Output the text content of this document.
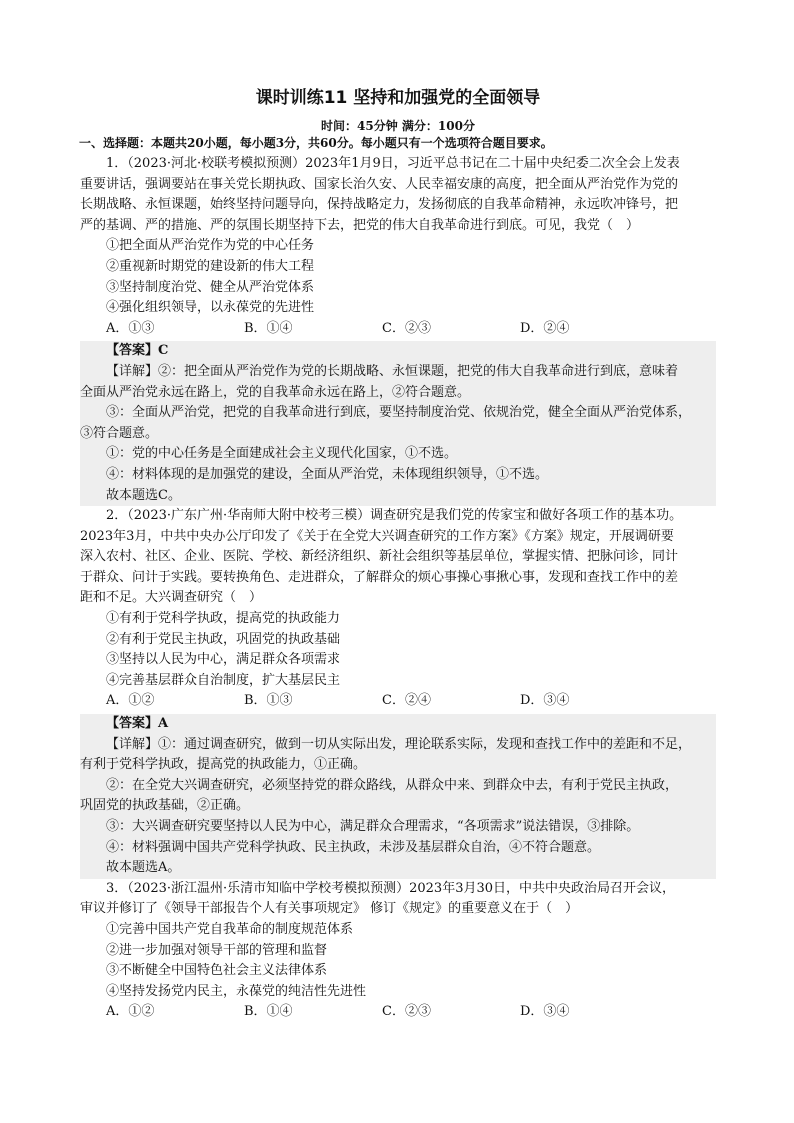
课时训练11 坚持和加强党的全面领导

时间：45分钟 满分：100分

一、选择题：本题共20小题，每小题3分，共60分。每小题只有一个选项符合题目要求。

1．（2023·河北·校联考模拟预测）2023年1月9日，习近平总书记在二十届中央纪委二次全会上发表

重要讲话，强调要站在事关党长期执政、国家长治久安、人民幸福安康的高度，把全面从严治党作为党的

长期战略、永恒课题，始终坚持问题导向，保持战略定力，发扬彻底的自我革命精神，永远吹冲锋号，把

严的基调、严的措施、严的氛围长期坚持下去，把党的伟大自我革命进行到底。可见，我党（　）

①把全面从严治党作为党的中心任务

②重视新时期党的建设新的伟大工程

③坚持制度治党、健全从严治党体系

④强化组织领导，以永葆党的先进性

A．①③	B．①④	C．②③	D．②④

【答案】C

【详解】②：把全面从严治党作为党的长期战略、永恒课题，把党的伟大自我革命进行到底，意味着

全面从严治党永远在路上，党的自我革命永远在路上，②符合题意。

③：全面从严治党，把党的自我革命进行到底，要坚持制度治党、依规治党，健全全面从严治党体系，

③符合题意。

①：党的中心任务是全面建成社会主义现代化国家，①不选。

④：材料体现的是加强党的建设，全面从严治党，未体现组织领导，①不选。

故本题选C。

2．（2023·广东广州·华南师大附中校考三模）调查研究是我们党的传家宝和做好各项工作的基本功。

2023年3月，中共中央办公厅印发了《关于在全党大兴调查研究的工作方案》《方案》规定，开展调研要

深入农村、社区、企业、医院、学校、新经济组织、新社会组织等基层单位，掌握实情、把脉问诊，同计

于群众、问计于实践。要转换角色、走进群众，了解群众的烦心事操心事揪心事，发现和查找工作中的差

距和不足。大兴调查研究（　）

①有利于党科学执政，提高党的执政能力

②有利于党民主执政，巩固党的执政基础

③坚持以人民为中心，满足群众各项需求

④完善基层群众自治制度，扩大基层民主

A．①②	B．①③	C．②④	D．③④

【答案】A

【详解】①：通过调查研究，做到一切从实际出发，理论联系实际，发现和查找工作中的差距和不足，

有利于党科学执政，提高党的执政能力，①正确。

②：在全党大兴调查研究，必须坚持党的群众路线，从群众中来、到群众中去，有利于党民主执政，

巩固党的执政基础，②正确。

③：大兴调查研究要坚持以人民为中心，满足群众合理需求，“各项需求”说法错误，③排除。

④：材料强调中国共产党科学执政、民主执政，未涉及基层群众自治，④不符合题意。

故本题选A。

3．（2023·浙江温州·乐清市知临中学校考模拟预测）2023年3月30日，中共中央政治局召开会议，

审议并修订了《领导干部报告个人有关事项规定》 修订《规定》的重要意义在于（　）

①完善中国共产党自我革命的制度规范体系

②进一步加强对领导干部的管理和监督

③不断健全中国特色社会主义法律体系

④坚持发扬党内民主，永葆党的纯洁性先进性

A．①②	B．①④	C．②③	D．③④
